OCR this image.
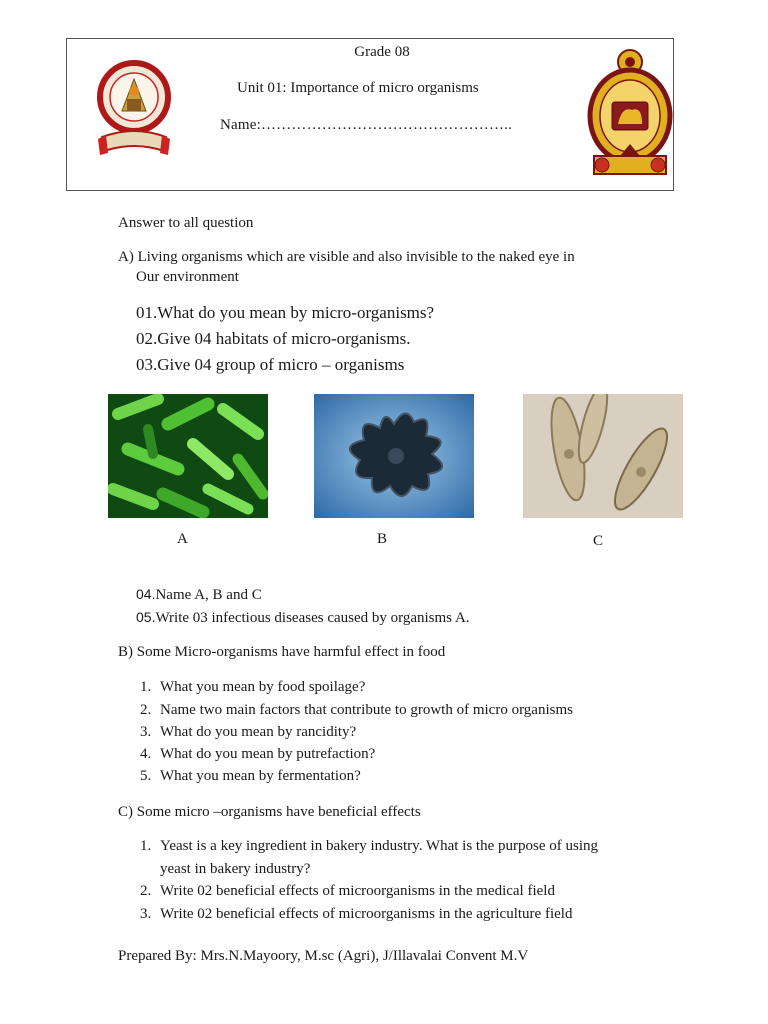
Grade 08
Unit 01: Importance of micro organisms
Name:…………………………………………..
Answer to all question
A) Living organisms which are visible and also invisible to the naked eye in
Our environment
01.What do you mean by micro-organisms?
02.Give 04 habitats of micro-organisms.
03.Give 04 group of micro – organisms
A	B	C
04.Name A, B and C
05.Write 03 infectious diseases caused by organisms A.
B) Some Micro-organisms have harmful effect in food
1. What you mean by food spoilage?
2. Name two main factors that contribute to growth of micro organisms
3. What do you mean by rancidity?
4. What do you mean by putrefaction?
5. What you mean by fermentation?
C) Some micro –organisms have beneficial effects
1. Yeast is a key ingredient in bakery industry. What is the purpose of using
yeast in bakery industry?
2. Write 02 beneficial effects of microorganisms in the medical field
3. Write 02 beneficial effects of microorganisms in the agriculture field
Prepared By: Mrs.N.Mayoory, M.sc (Agri), J/Illavalai Convent M.V
